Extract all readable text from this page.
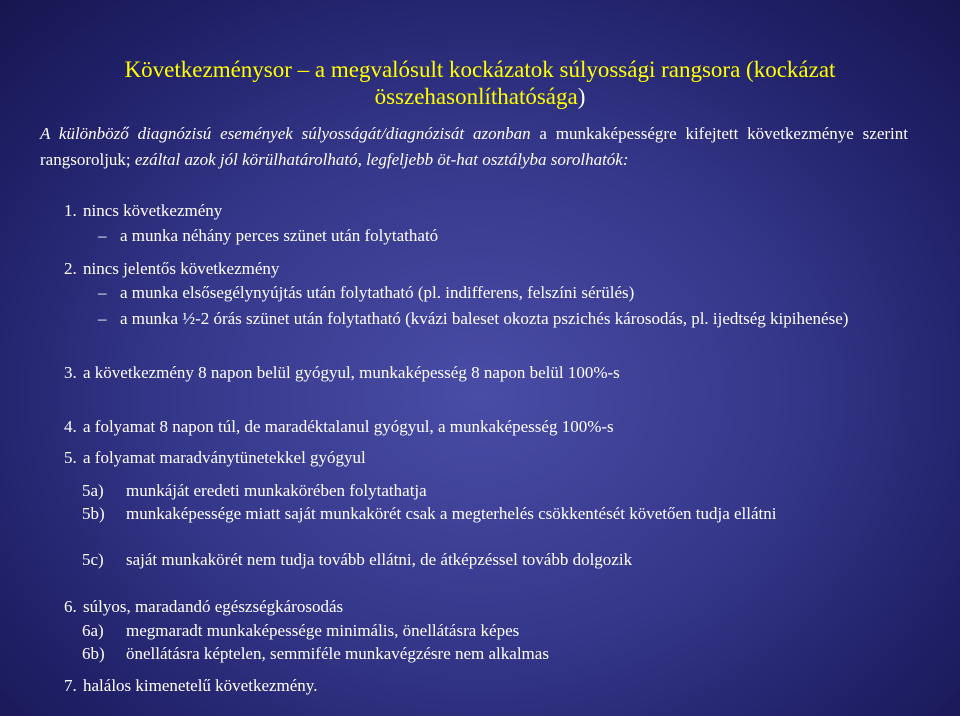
Következménysor – a megvalósult kockázatok súlyossági rangsora (kockázat összehasonlíthatósága)
A különböző diagnózisú események súlyosságát/diagnózisát azonban a munkaképességre kifejtett következménye szerint rangsoroljuk; ezáltal azok jól körülhatárolható, legfeljebb öt-hat osztályba sorolhatók:
1. nincs következmény
– a munka néhány perces szünet után folytatható
2. nincs jelentős következmény
– a munka elsősegélynyújtás után folytatható (pl. indifferens, felszíni sérülés)
– a munka ½-2 órás szünet után folytatható (kvázi baleset okozta pszichés károsodás, pl. ijedtség kipihenése)
3. a következmény 8 napon belül gyógyul, munkaképesség 8 napon belül 100%-s
4. a folyamat 8 napon túl, de maradéktalanul gyógyul, a munkaképesség 100%-s
5. a folyamat maradványtünetekkel gyógyul
5a) munkáját eredeti munkakörében folytathatja
5b) munkaképessége miatt saját munkakörét csak a megterhelés csökkentését követően tudja ellátni
5c) saját munkakörét nem tudja tovább ellátni, de átképzéssel tovább dolgozik
6. súlyos, maradandó egészségkárosodás
6a) megmaradt munkaképessége minimális, önellátásra képes
6b) önellátásra képtelen, semmiféle munkavégzésre nem alkalmas
7. halálos kimenetelű következmény.
